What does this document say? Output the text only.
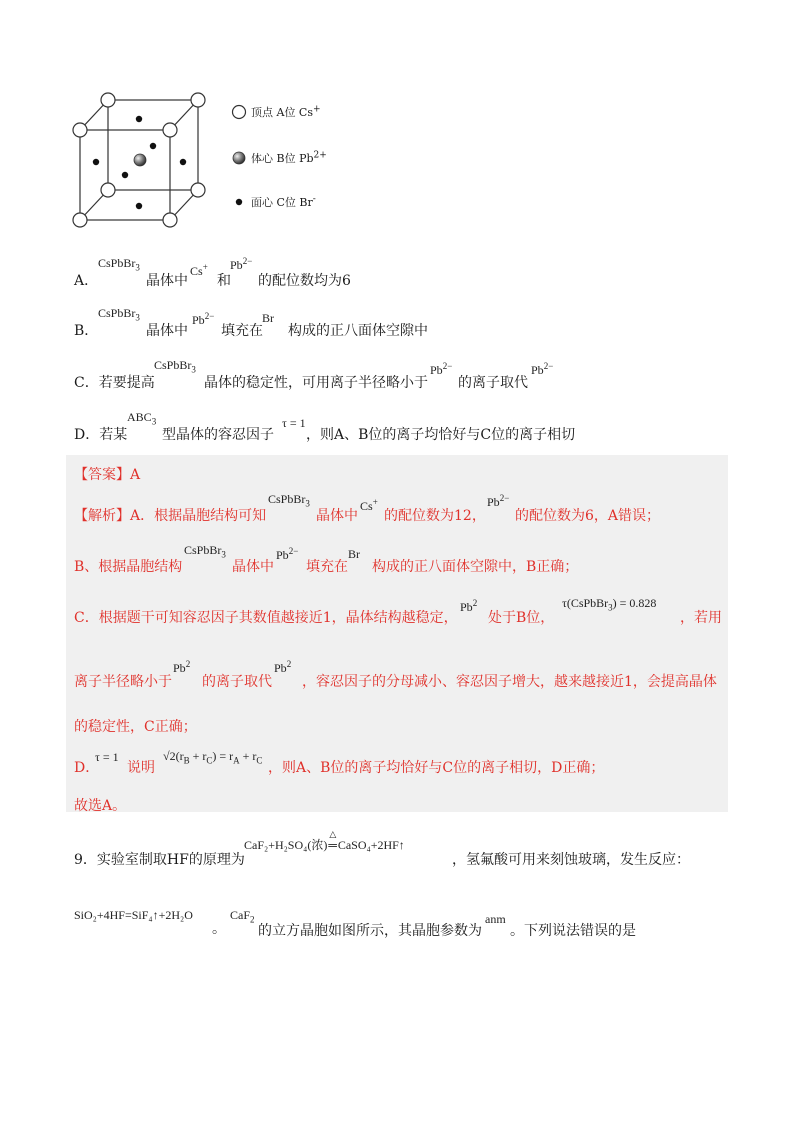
顶点 A位 Cs+
体心 B位 $Pb^{2+}$
面心 C位 Br-
A．
CsPbBr$_3$
晶体中
Cs+
和
$Pb^{2-}$
的配位数均为6
B．
CsPbBr$_3$
晶体中
$Pb^{2-}$
填充在
Br
构成的正八面体空隙中
C．若要提高
CsPbBr$_3$
晶体的稳定性，可用离子半径略小于
$Pb^{2-}$
的离子取代
$Pb^{2-}$
D．若某
$ABC_3$
型晶体的容忍因子
τ = 1
，则A、B位的离子均恰好与C位的离子相切
【答案】A
【解析】A．根据晶胞结构可知
CsPbBr$_3$
晶体中
Cs+
的配位数为12，
$Pb^{2-}$
的配位数为6，A错误；
B、根据晶胞结构
CsPbBr$_3$
晶体中
$Pb^{2-}$
填充在
Br
构成的正八面体空隙中，B正确；
C．根据题干可知容忍因子其数值越接近1，晶体结构越稳定，
Pb$^2$
处于B位，
τ(CsPbBr$_3$) = 0.828
，若用
离子半径略小于
Pb$^2$
的离子取代
Pb$^2$
，容忍因子的分母减小、容忍因子增大，越来越接近1，会提高晶体
的稳定性，C正确；
D．
τ = 1
说明
$√2(r_B + r_C) = r_A + r_C$ ，则A、B位的离子均恰好与C位的离子相切，D正确；
故选A。
9．实验室制取HF的原理为
CaF₂+H₂SO₄(浓)
△
═CaSO₄+2HF↑
，氢氟酸可用来刻蚀玻璃，发生反应：
SiO₂+4HF=SiF₄↑+2H₂O
。
CaF$_2$
的立方晶胞如图所示，其晶胞参数为
anm
。下列说法错误的是
